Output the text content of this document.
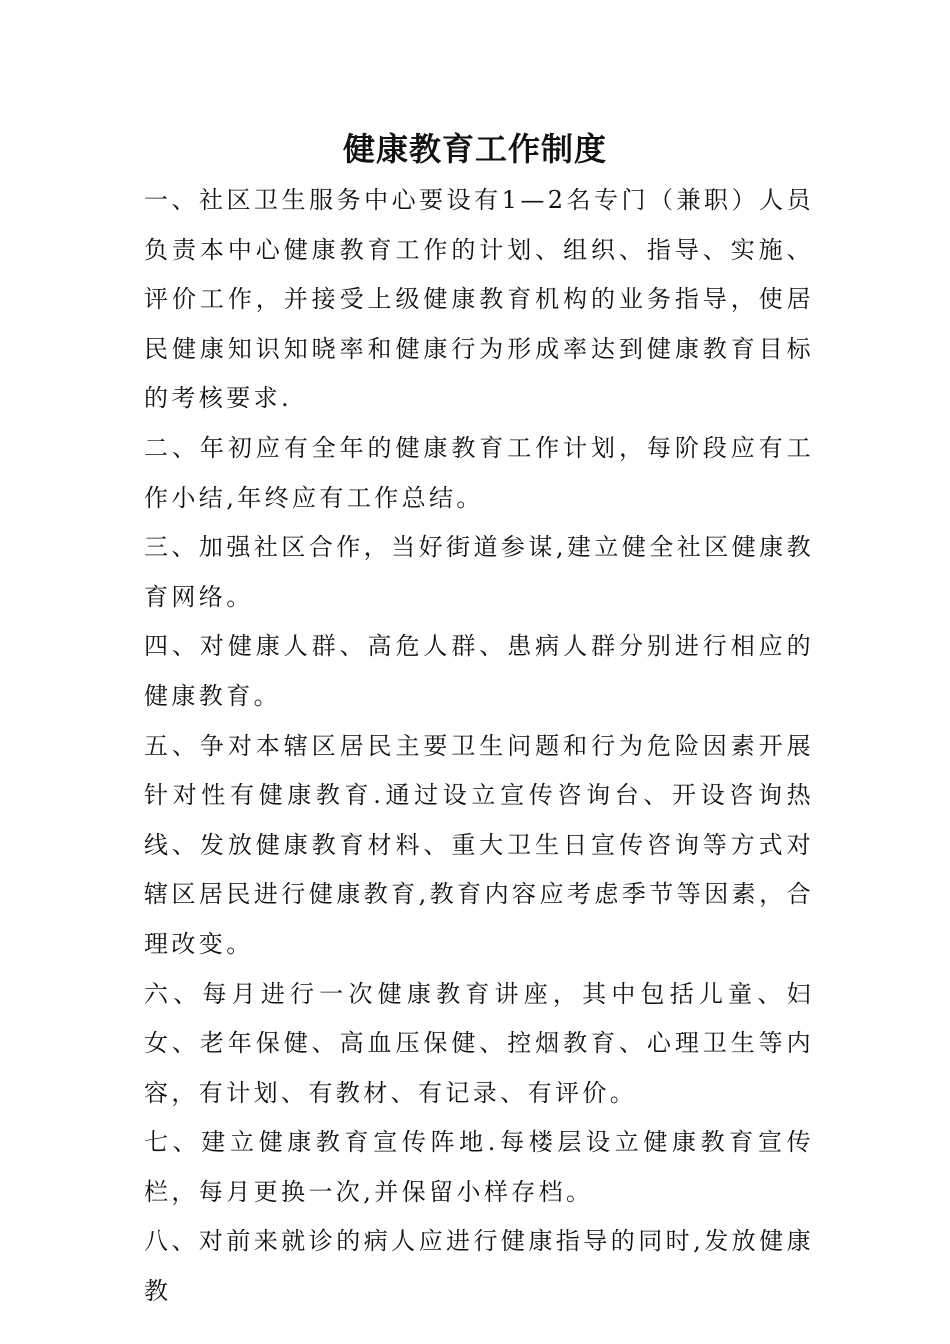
健康教育工作制度

一、社区卫生服务中心要设有1—2名专门（兼职）人员负责本中心健康教育工作的计划、组织、指导、实施、评价工作，并接受上级健康教育机构的业务指导，使居民健康知识知晓率和健康行为形成率达到健康教育目标的考核要求.

二、年初应有全年的健康教育工作计划，每阶段应有工作小结,年终应有工作总结。

三、加强社区合作，当好街道参谋,建立健全社区健康教育网络。

四、对健康人群、高危人群、患病人群分别进行相应的健康教育。

五、争对本辖区居民主要卫生问题和行为危险因素开展针对性有健康教育.通过设立宣传咨询台、开设咨询热线、发放健康教育材料、重大卫生日宣传咨询等方式对辖区居民进行健康教育,教育内容应考虑季节等因素，合理改变。

六、每月进行一次健康教育讲座，其中包括儿童、妇女、老年保健、高血压保健、控烟教育、心理卫生等内容，有计划、有教材、有记录、有评价。

七、建立健康教育宣传阵地.每楼层设立健康教育宣传栏，每月更换一次,并保留小样存档。

八、对前来就诊的病人应进行健康指导的同时,发放健康教
